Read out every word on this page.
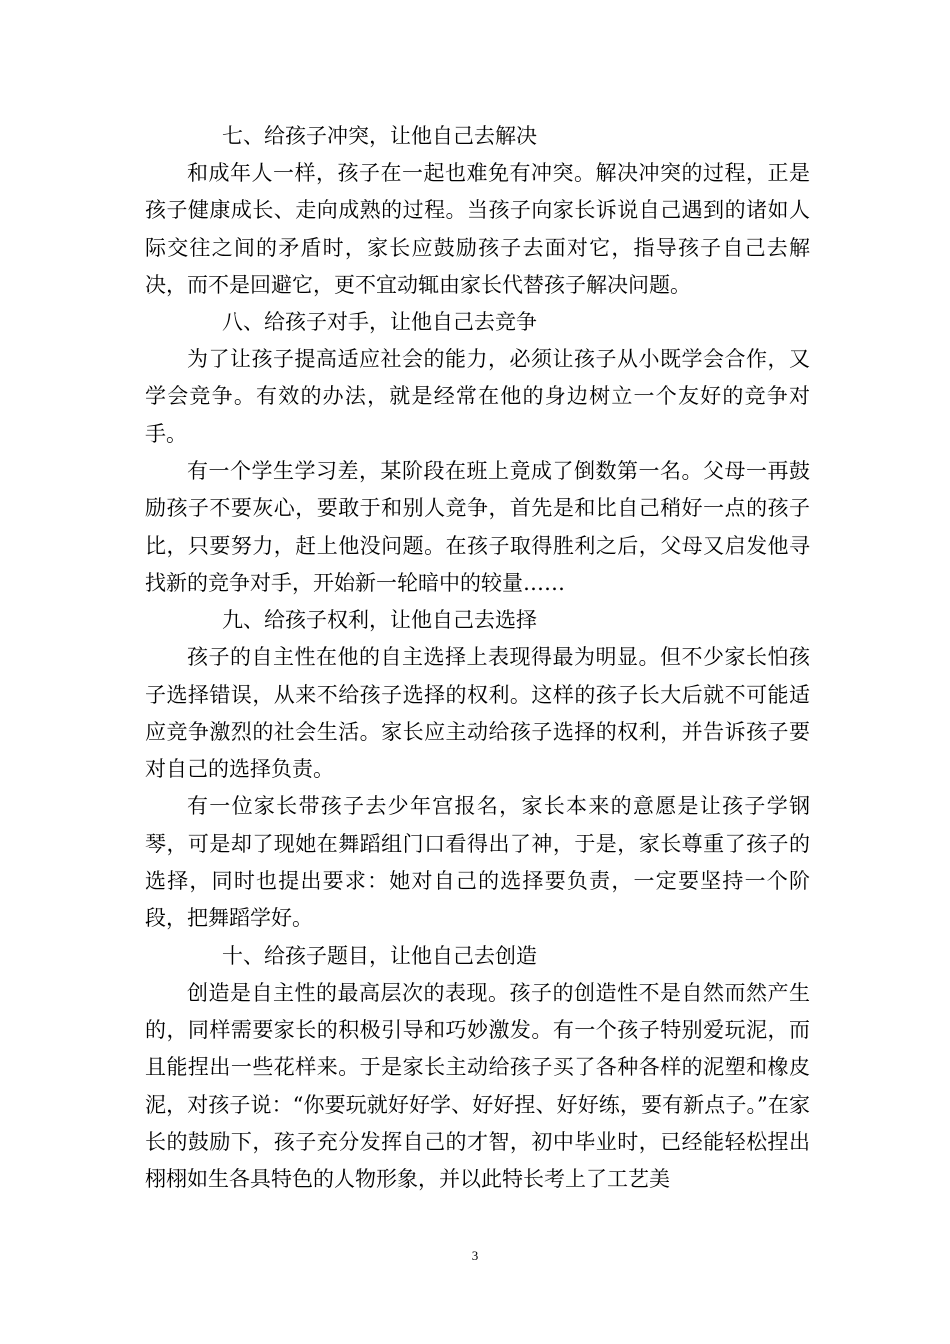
七、给孩子冲突，让他自己去解决

和成年人一样，孩子在一起也难免有冲突。解决冲突的过程，正是孩子健康成长、走向成熟的过程。当孩子向家长诉说自己遇到的诸如人际交往之间的矛盾时，家长应鼓励孩子去面对它，指导孩子自己去解决，而不是回避它，更不宜动辄由家长代替孩子解决问题。

八、给孩子对手，让他自己去竞争

为了让孩子提高适应社会的能力，必须让孩子从小既学会合作，又学会竞争。有效的办法，就是经常在他的身边树立一个友好的竞争对手。

有一个学生学习差，某阶段在班上竟成了倒数第一名。父母一再鼓励孩子不要灰心，要敢于和别人竞争，首先是和比自己稍好一点的孩子比，只要努力，赶上他没问题。在孩子取得胜利之后，父母又启发他寻找新的竞争对手，开始新一轮暗中的较量……

九、给孩子权利，让他自己去选择

孩子的自主性在他的自主选择上表现得最为明显。但不少家长怕孩子选择错误，从来不给孩子选择的权利。这样的孩子长大后就不可能适应竞争激烈的社会生活。家长应主动给孩子选择的权利，并告诉孩子要对自己的选择负责。

有一位家长带孩子去少年宫报名，家长本来的意愿是让孩子学钢琴，可是却了现她在舞蹈组门口看得出了神，于是，家长尊重了孩子的选择，同时也提出要求：她对自己的选择要负责，一定要坚持一个阶段，把舞蹈学好。

十、给孩子题目，让他自己去创造

创造是自主性的最高层次的表现。孩子的创造性不是自然而然产生的，同样需要家长的积极引导和巧妙激发。有一个孩子特别爱玩泥，而且能捏出一些花样来。于是家长主动给孩子买了各种各样的泥塑和橡皮泥，对孩子说：“你要玩就好好学、好好捏、好好练，要有新点子。”在家长的鼓励下，孩子充分发挥自己的才智，初中毕业时，已经能轻松捏出栩栩如生各具特色的人物形象，并以此特长考上了工艺美

3
